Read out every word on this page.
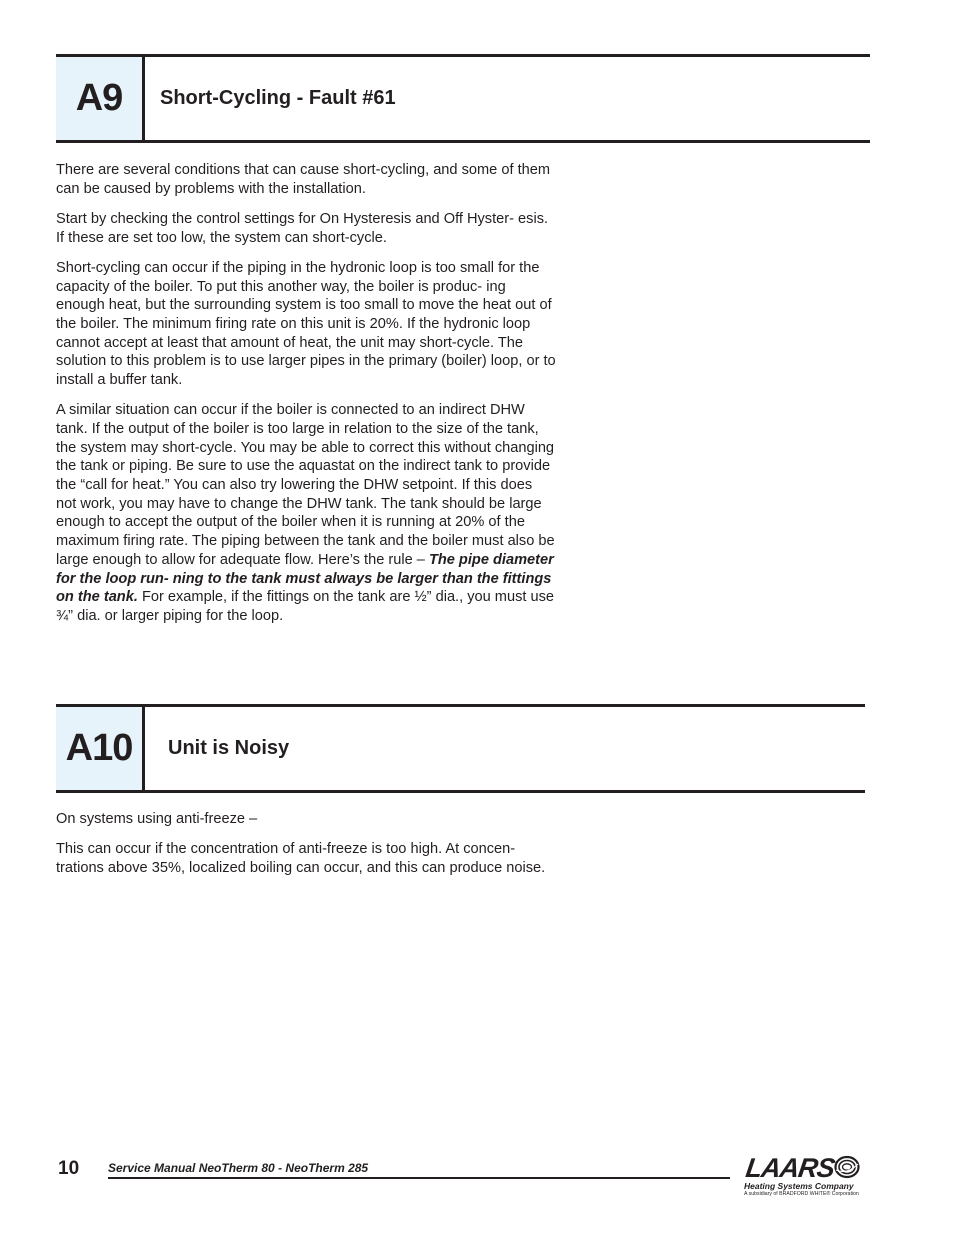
A9	Short-Cycling - Fault #61

There are several conditions that can cause short-cycling, and some of them can be caused by problems with the installation.

Start by checking the control settings for On Hysteresis and Off Hyster- esis. If these are set too low, the system can short-cycle.

Short-cycling can occur if the piping in the hydronic loop is too small for the capacity of the boiler. To put this another way, the boiler is produc- ing enough heat, but the surrounding system is too small to move the heat out of the boiler. The minimum firing rate on this unit is 20%. If the hydronic loop cannot accept at least that amount of heat, the unit may short-cycle. The solution to this problem is to use larger pipes in the primary (boiler) loop, or to install a buffer tank.

A similar situation can occur if the boiler is connected to an indirect DHW tank. If the output of the boiler is too large in relation to the size of the tank, the system may short-cycle. You may be able to correct this without changing the tank or piping. Be sure to use the aquastat on the indirect tank to provide the “call for heat.” You can also try lowering the DHW setpoint. If this does not work, you may have to change the DHW tank. The tank should be large enough to accept the output of the boiler when it is running at 20% of the maximum firing rate. The piping between the tank and the boiler must also be large enough to allow for adequate flow. Here’s the rule – The pipe diameter for the loop run- ning to the tank must always be larger than the fittings on the tank. For example, if the fittings on the tank are ½” dia., you must use ¾” dia. or larger piping for the loop.

A10	Unit is Noisy

On systems using anti-freeze –

This can occur if the concentration of anti-freeze is too high. At concen- trations above 35%, localized boiling can occur, and this can produce noise.

10 Service Manual NeoTherm 80 - NeoTherm 285	LAARS
Heating Systems Company
A subsidiary of BRADFORD WHITE® Corporation
